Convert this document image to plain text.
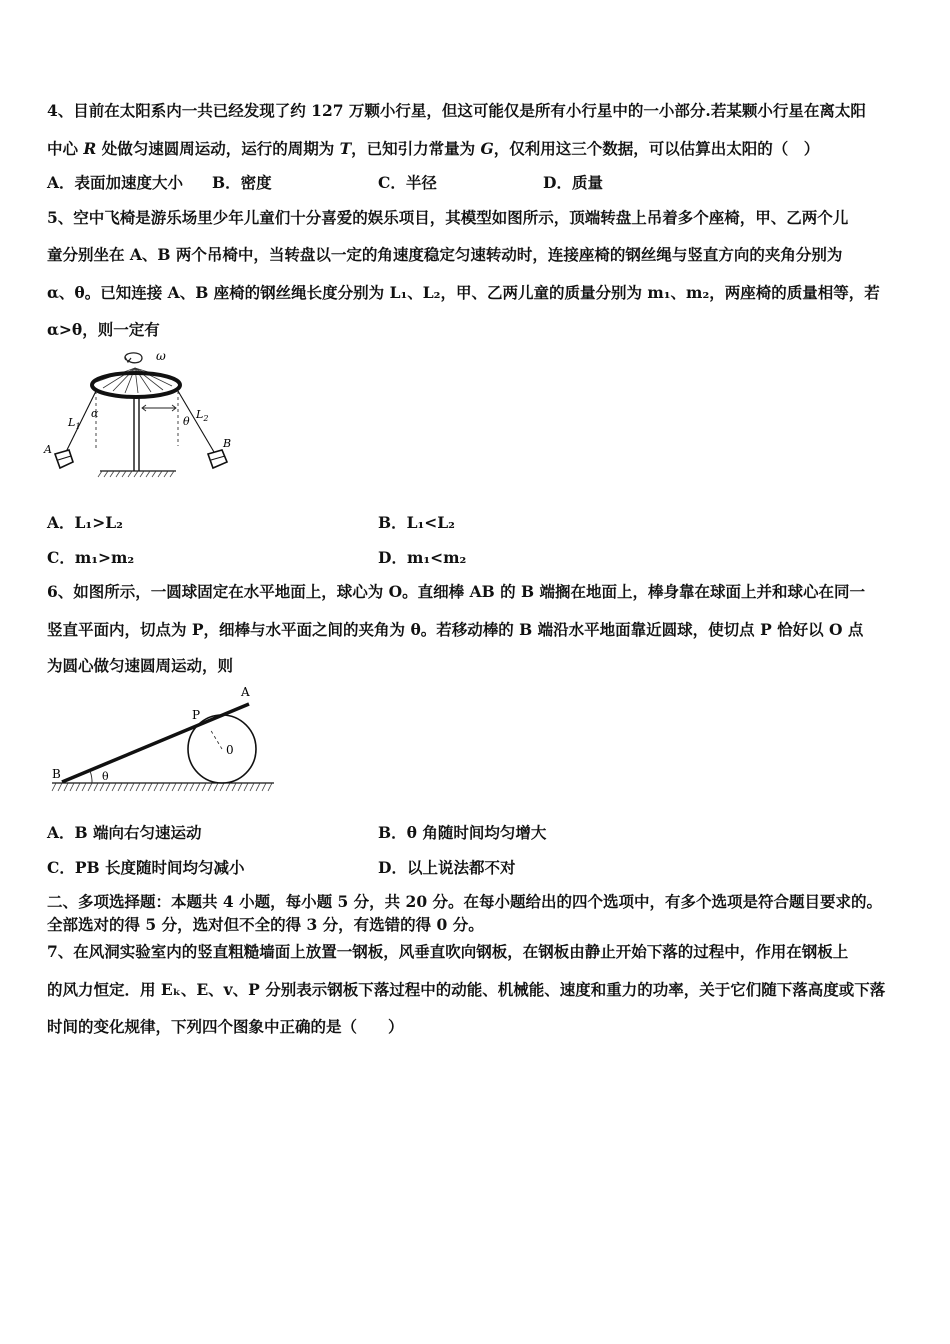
4、目前在太阳系内一共已经发现了约 127 万颗小行星，但这可能仅是所有小行星中的一小部分.若某颗小行星在离太阳
中心 R 处做匀速圆周运动，运行的周期为 T，已知引力常量为 G，仅利用这三个数据，可以估算出太阳的（　）
A．表面加速度大小 B．密度	C．半径	D．质量
5、空中飞椅是游乐场里少年儿童们十分喜爱的娱乐项目，其模型如图所示，顶端转盘上吊着多个座椅，甲、乙两个儿
童分别坐在 A、B 两个吊椅中，当转盘以一定的角速度稳定匀速转动时，连接座椅的钢丝绳与竖直方向的夹角分别为
α、θ。已知连接 A、B 座椅的钢丝绳长度分别为 L₁、L₂，甲、乙两儿童的质量分别为 m₁、m₂，两座椅的质量相等，若
α>θ，则一定有
ω
α
θ
$L_1$
$L_2$
A	B
A．L₁>L₂	B．L₁<L₂
C．m₁>m₂	D．m₁<m₂
6、如图所示，一圆球固定在水平地面上，球心为 O。直细棒 AB 的 B 端搁在地面上，棒身靠在球面上并和球心在同一
竖直平面内，切点为 P，细棒与水平面之间的夹角为 θ。若移动棒的 B 端沿水平地面靠近圆球，使切点 P 恰好以 O 点
为圆心做匀速圆周运动，则
A
P
0
B	θ
A．B 端向右匀速运动	B．θ 角随时间均匀增大
C．PB 长度随时间均匀减小	D．以上说法都不对
二、多项选择题：本题共 4 小题，每小题 5 分，共 20 分。在每小题给出的四个选项中，有多个选项是符合题目要求的。
全部选对的得 5 分，选对但不全的得 3 分，有选错的得 0 分。
7、在风洞实验室内的竖直粗糙墙面上放置一钢板，风垂直吹向钢板，在钢板由静止开始下落的过程中，作用在钢板上
的风力恒定．用 Eₖ、E、v、P 分别表示钢板下落过程中的动能、机械能、速度和重力的功率，关于它们随下落高度或下落
时间的变化规律，下列四个图象中正确的是（　　）
